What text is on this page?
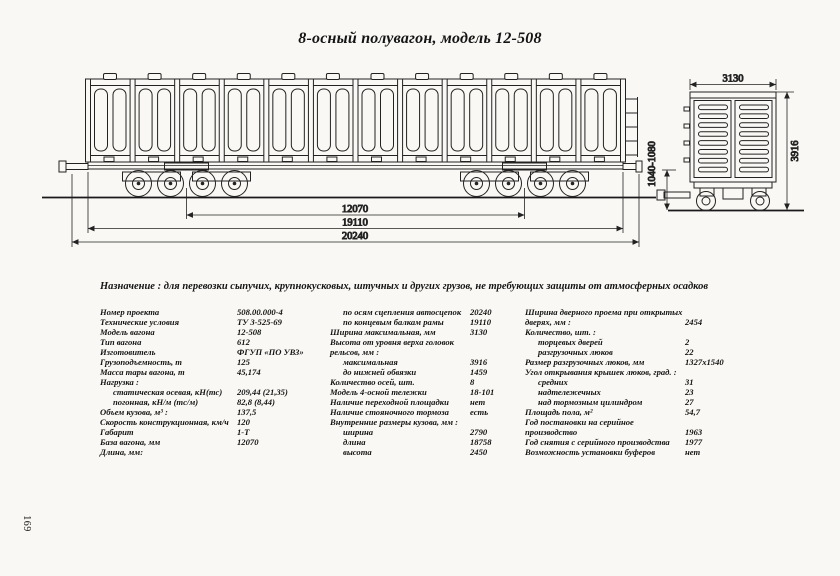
8-осный полувагон, модель 12-508
12070
19110
20240
3130
3916
1040-1080
Назначение : для перевозки сыпучих, крупнокусковых, штучных и других грузов, не требующих защиты от атмосферных осадков
Номер проекта	508.00.000-4
Технические условия	ТУ 3-525-69
Модель вагона	12-508
Тип вагона	612
Изготовитель	ФГУП «ПО УВЗ»
Грузоподъемность, т	125
Масса тары вагона, т	45,174
Нагрузка :
статическая осевая, кН(тс)	209,44 (21,35)
погонная, кН/м (тс/м)	82,8 (8,44)
Объем кузова, м³ :	137,5
Скорость конструкционная, км/ч 120
Габарит	1-Т
База вагона, мм	12070
Длина, мм:
по осям сцепления автосцепок	20240
по концевым балкам рамы	19110
Ширина максимальная, мм	3130
Высота от уровня верха головок
рельсов, мм :
максимальная	3916
до нижней обвязки	1459
Количество осей, шт.	8
Модель 4-осной тележки	18-101
Наличие переходной площадки	нет
Наличие стояночного тормоза	есть
Внутренние размеры кузова, мм :
ширина	2790
длина	18758
высота	2450
Ширина дверного проема при открытых
дверях, мм :	2454
Количество, шт. :
торцевых дверей	2
разгрузочных люков	22
Размер разгрузочных люков, мм	1327х1540
Угол открывания крышек люков, град. :
средних	31
надтележечных	23
над тормозным цилиндром	27
Площадь пола, м²	54,7
Год постановки на серийное
производство	1963
Год снятия с серийного производства	1977
Возможность установки буферов	нет
169
